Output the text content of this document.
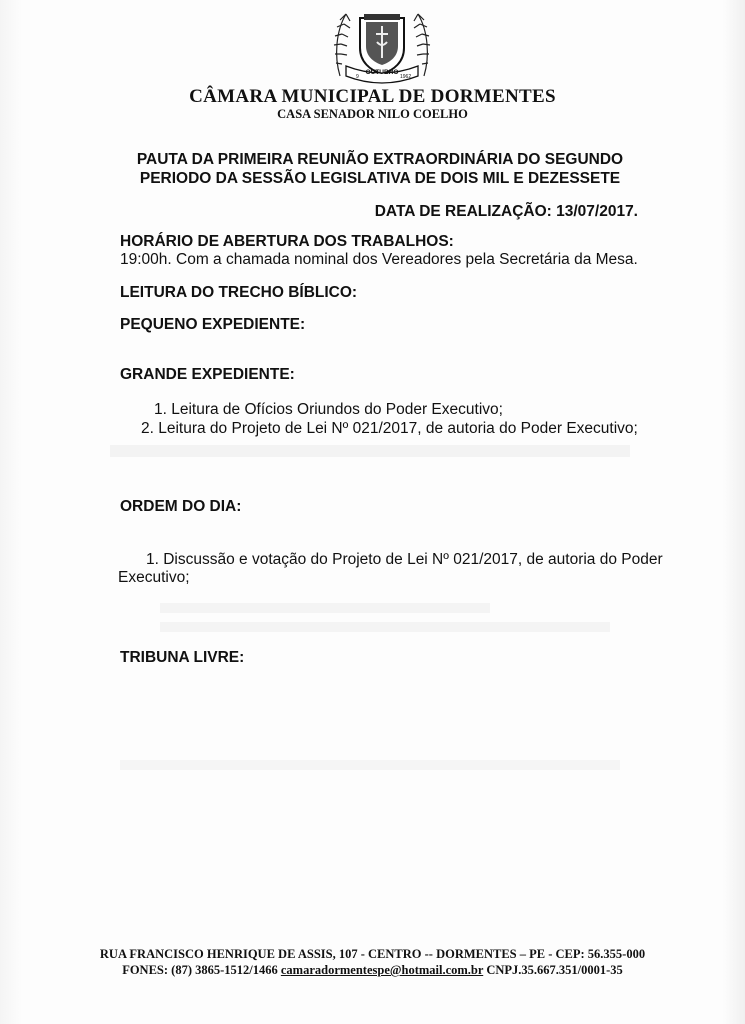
OUTUBRO
9	1962
CÂMARA MUNICIPAL DE DORMENTES
CASA SENADOR NILO COELHO
PAUTA DA PRIMEIRA REUNIÃO EXTRAORDINÁRIA DO SEGUNDO
PERIODO DA SESSÃO LEGISLATIVA DE DOIS MIL E DEZESSETE
DATA DE REALIZAÇÃO: 13/07/2017.
HORÁRIO DE ABERTURA DOS TRABALHOS:
19:00h. Com a chamada nominal dos Vereadores pela Secretária da Mesa.
LEITURA DO TRECHO BÍBLICO:
PEQUENO EXPEDIENTE:
GRANDE EXPEDIENTE:
1. Leitura de Ofícios Oriundos do Poder Executivo;
2. Leitura do Projeto de Lei Nº 021/2017, de autoria do Poder Executivo;
ORDEM DO DIA:
1. Discussão e votação do Projeto de Lei Nº 021/2017, de autoria do Poder
Executivo;
TRIBUNA LIVRE:
RUA FRANCISCO HENRIQUE DE ASSIS, 107 - CENTRO -- DORMENTES – PE - CEP: 56.355-000
FONES: (87) 3865-1512/1466 camaradormentespe@hotmail.com.br CNPJ.35.667.351/0001-35
